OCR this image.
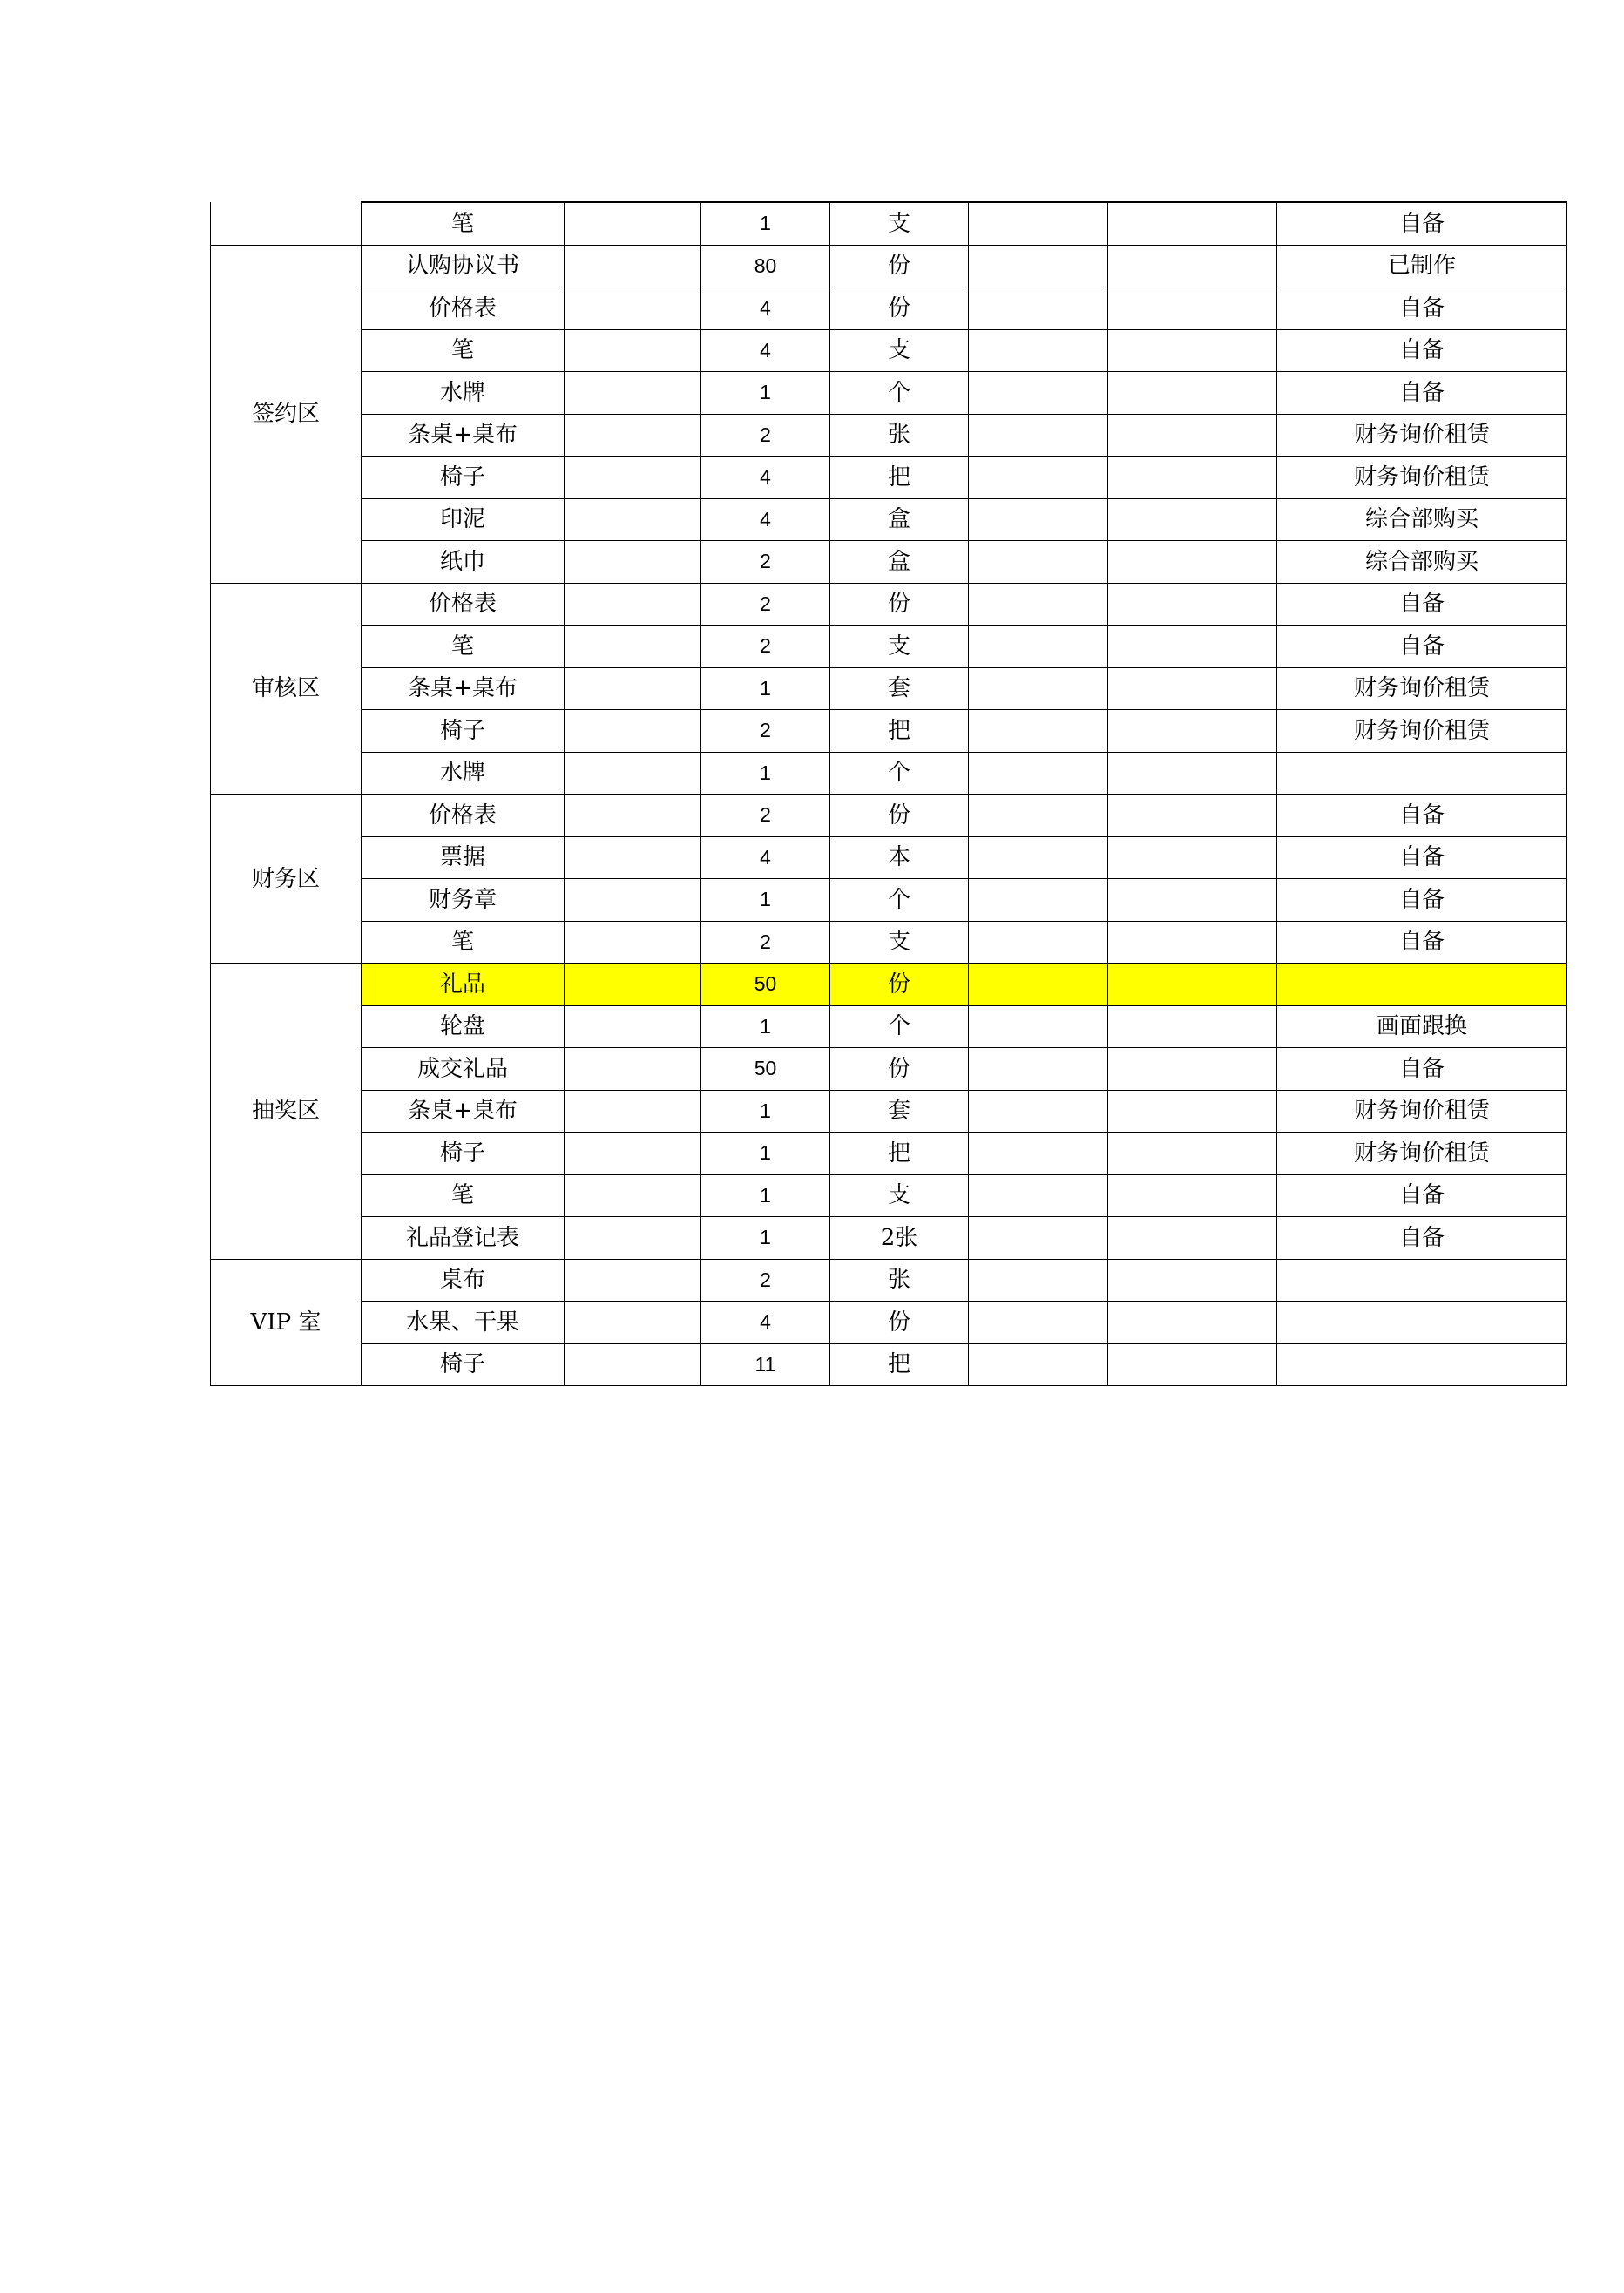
	笔		1	支			自备
签约区	认购协议书		80	份			已制作
	价格表		4	份			自备
	笔		4	支			自备
	水牌		1	个			自备
	条桌+桌布		2	张			财务询价租赁
	椅子		4	把			财务询价租赁
	印泥		4	盒			综合部购买
	纸巾		2	盒			综合部购买
审核区	价格表		2	份			自备
	笔		2	支			自备
	条桌+桌布		1	套			财务询价租赁
	椅子		2	把			财务询价租赁
	水牌		1	个			
财务区	价格表		2	份			自备
	票据		4	本			自备
	财务章		1	个			自备
	笔		2	支			自备
抽奖区	礼品		50	份			
	轮盘		1	个			画面跟换
	成交礼品		50	份			自备
	条桌+桌布		1	套			财务询价租赁
	椅子		1	把			财务询价租赁
	笔		1	支			自备
	礼品登记表		1	2张			自备
VIP 室	桌布		2	张			
	水果、干果		4	份			
	椅子		11	把			
